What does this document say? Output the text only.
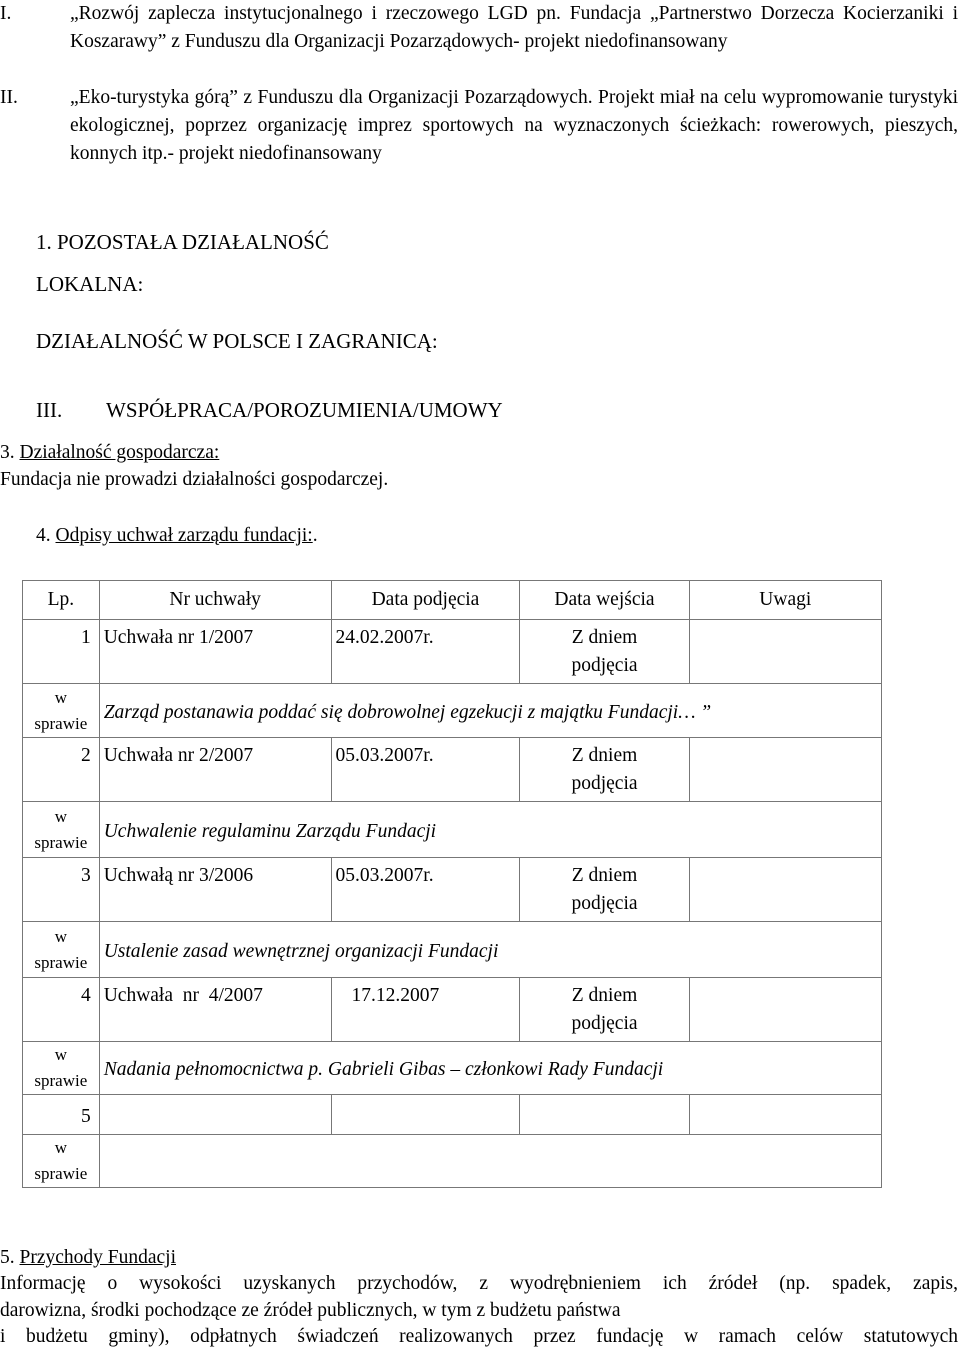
I.	„Rozwój zaplecza instytucjonalnego i rzeczowego LGD pn. Fundacja „Partnerstwo Dorzecza Kocierzaniki i Koszarawy” z Funduszu dla Organizacji Pozarządowych- projekt niedofinansowany
II.	„Eko-turystyka górą” z Funduszu dla Organizacji Pozarządowych. Projekt miał na celu wypromowanie turystyki ekologicznej, poprzez organizację imprez sportowych na wyznaczonych ścieżkach: rowerowych, pieszych, konnych itp.- projekt niedofinansowany
1. POZOSTAŁA DZIAŁALNOŚĆ
LOKALNA:
DZIAŁALNOŚĆ W POLSCE I ZAGRANICĄ:
III. WSPÓŁPRACA/POROZUMIENIA/UMOWY
3. Działalność gospodarcza:
Fundacja nie prowadzi działalności gospodarczej.
4. Odpisy uchwał zarządu fundacji:.
Lp.	Nr uchwały	Data podjęcia	Data wejścia	Uwagi
1	Uchwała nr 1/2007	24.02.2007r.	Z dniem
podjęcia	

w
sprawie	Zarząd postanawia poddać się dobrowolnej egzekucji z majątku Fundacji… ”			
2	Uchwała nr 2/2007	05.03.2007r.	Z dniem
podjęcia	

w
sprawie	Uchwalenie regulaminu Zarządu Fundacji			
3	Uchwałą nr 3/2006	05.03.2007r.	Z dniem
podjęcia	

w
sprawie	Ustalenie zasad wewnętrznej organizacji Fundacji			
4	Uchwała  nr  4/2007	17.12.2007	Z dniem
podjęcia	

w
sprawie	Nadania pełnomocnictwa p. Gabrieli Gibas – członkowi Rady Fundacji			
5				

w
sprawie				

5. Przychody Fundacji
Informację o wysokości uzyskanych przychodów, z wyodrębnieniem ich źródeł (np. spadek, zapis,
darowizna, środki pochodzące ze źródeł publicznych, w tym z budżetu państwa
i budżetu gminy), odpłatnych świadczeń realizowanych przez fundację w ramach celów statutowych
